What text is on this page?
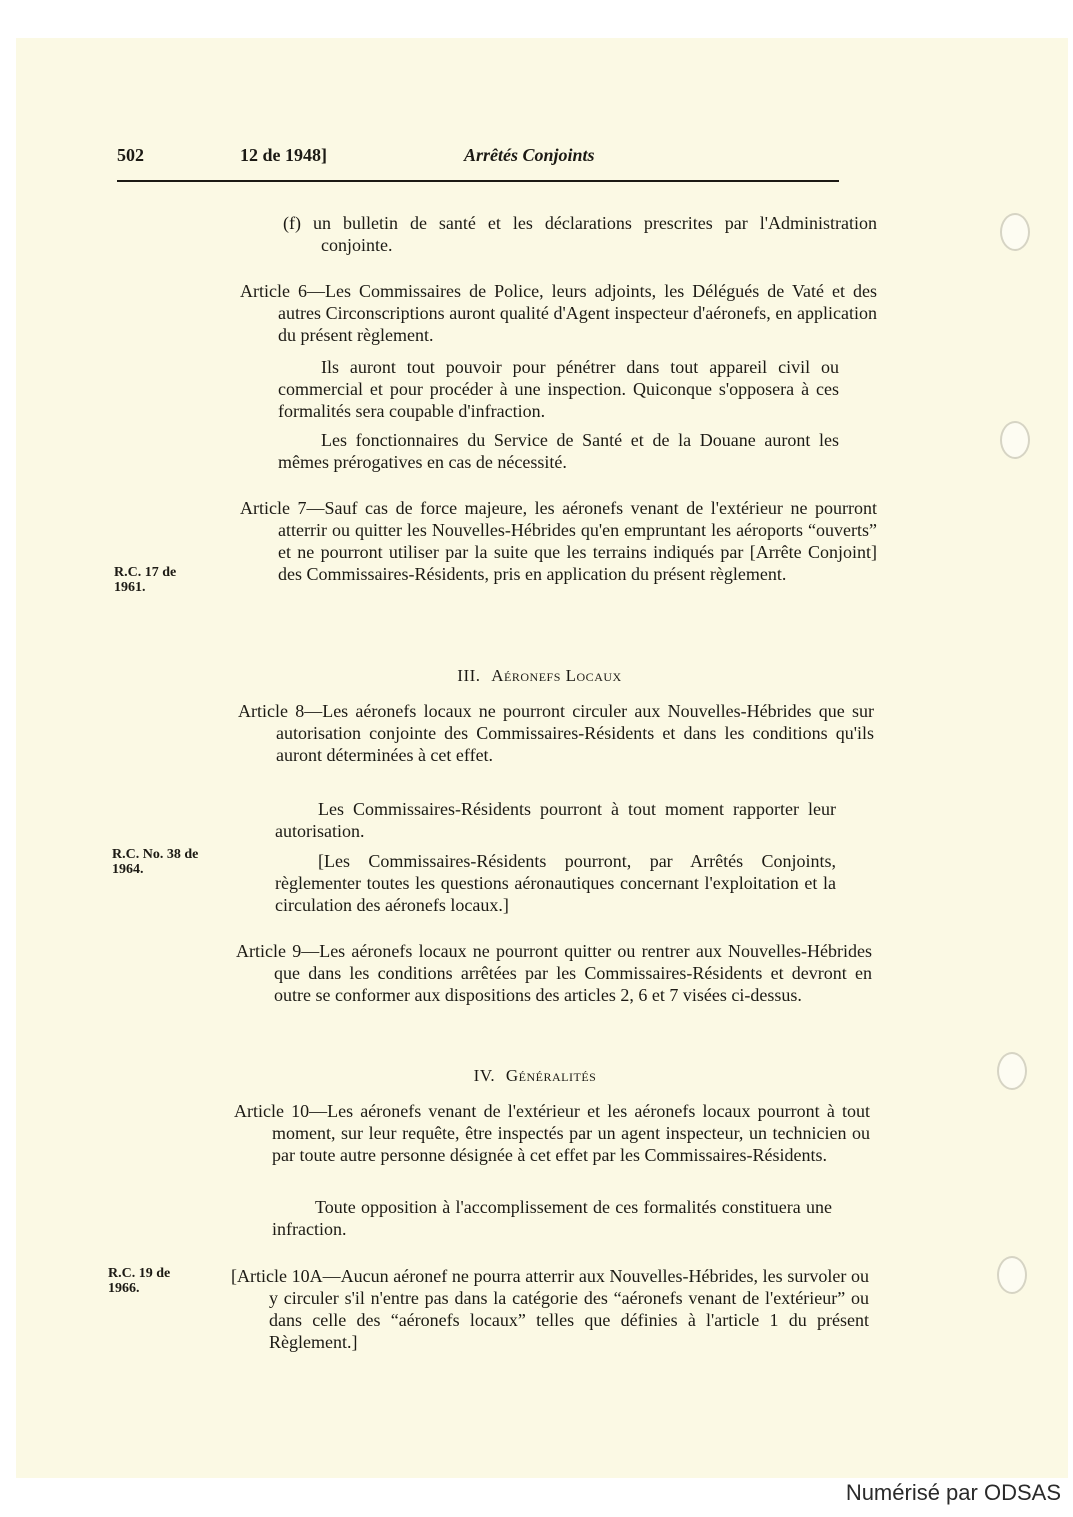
502	12 de 1948]	Arrêtés Conjoints
(f) un bulletin de santé et les déclarations prescrites par l'Administration conjointe.
Article 6—Les Commissaires de Police, leurs adjoints, les Délégués de Vaté et des autres Circonscriptions auront qualité d'Agent inspecteur d'aéronefs, en application du présent règlement.
Ils auront tout pouvoir pour pénétrer dans tout appareil civil ou commercial et pour procéder à une inspection. Quiconque s'opposera à ces formalités sera coupable d'infraction.
Les fonctionnaires du Service de Santé et de la Douane auront les mêmes prérogatives en cas de nécessité.
Article 7—Sauf cas de force majeure, les aéronefs venant de l'extérieur ne pourront atterrir ou quitter les Nouvelles-Hébrides qu'en empruntant les aéroports “ouverts” et ne pourront utiliser par la suite que les terrains indiqués par [Arrête Conjoint] des Commissaires-Résidents, pris en application du présent règlement.
R.C. 17 de 1961.
III. Aéronefs Locaux
Article 8—Les aéronefs locaux ne pourront circuler aux Nouvelles-Hébrides que sur autorisation conjointe des Commissaires-Résidents et dans les conditions qu'ils auront déterminées à cet effet.
Les Commissaires-Résidents pourront à tout moment rapporter leur autorisation.
[Les Commissaires-Résidents pourront, par Arrêtés Conjoints, règlementer toutes les questions aéronautiques concernant l'exploitation et la circulation des aéronefs locaux.]
R.C. No. 38 de 1964.
Article 9—Les aéronefs locaux ne pourront quitter ou rentrer aux Nouvelles-Hébrides que dans les conditions arrêtées par les Commissaires-Résidents et devront en outre se conformer aux dispositions des articles 2, 6 et 7 visées ci-dessus.
IV. Généralités
Article 10—Les aéronefs venant de l'extérieur et les aéronefs locaux pourront à tout moment, sur leur requête, être inspectés par un agent inspecteur, un technicien ou par toute autre personne désignée à cet effet par les Commissaires-Résidents.
Toute opposition à l'accomplissement de ces formalités constituera une infraction.
[Article 10A—Aucun aéronef ne pourra atterrir aux Nouvelles-Hébrides, les survoler ou y circuler s'il n'entre pas dans la catégorie des “aéronefs venant de l'extérieur” ou dans celle des “aéronefs locaux” telles que définies à l'article 1 du présent Règlement.]
R.C. 19 de 1966.
Numérisé par ODSAS
